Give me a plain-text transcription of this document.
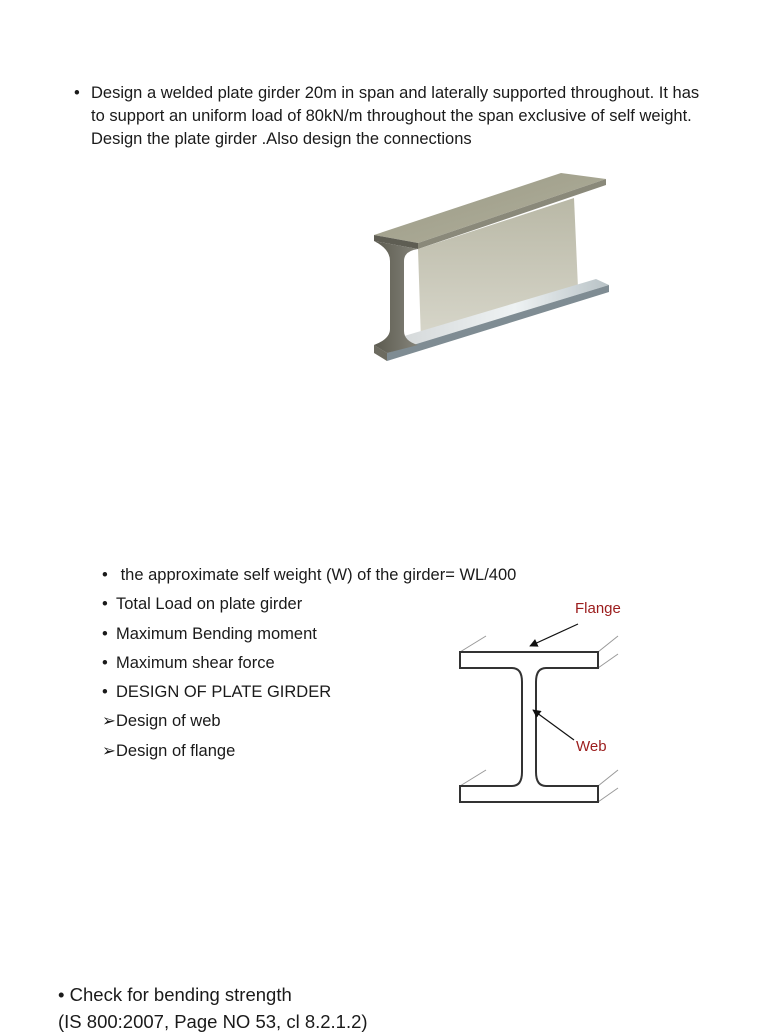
• Design a welded plate girder 20m in span and laterally supported throughout. It has to support an uniform load of 80kN/m throughout the span exclusive of self weight. Design the plate girder .Also design the connections
• the approximate self weight (W) of the girder= WL/400
• Total Load on plate girder
• Maximum Bending moment
• Maximum shear force
• DESIGN OF PLATE GIRDER
➢Design of web
➢Design of flange
Flange
Web
• Check for bending strength
(IS 800:2007, Page NO 53, cl 8.2.1.2)
